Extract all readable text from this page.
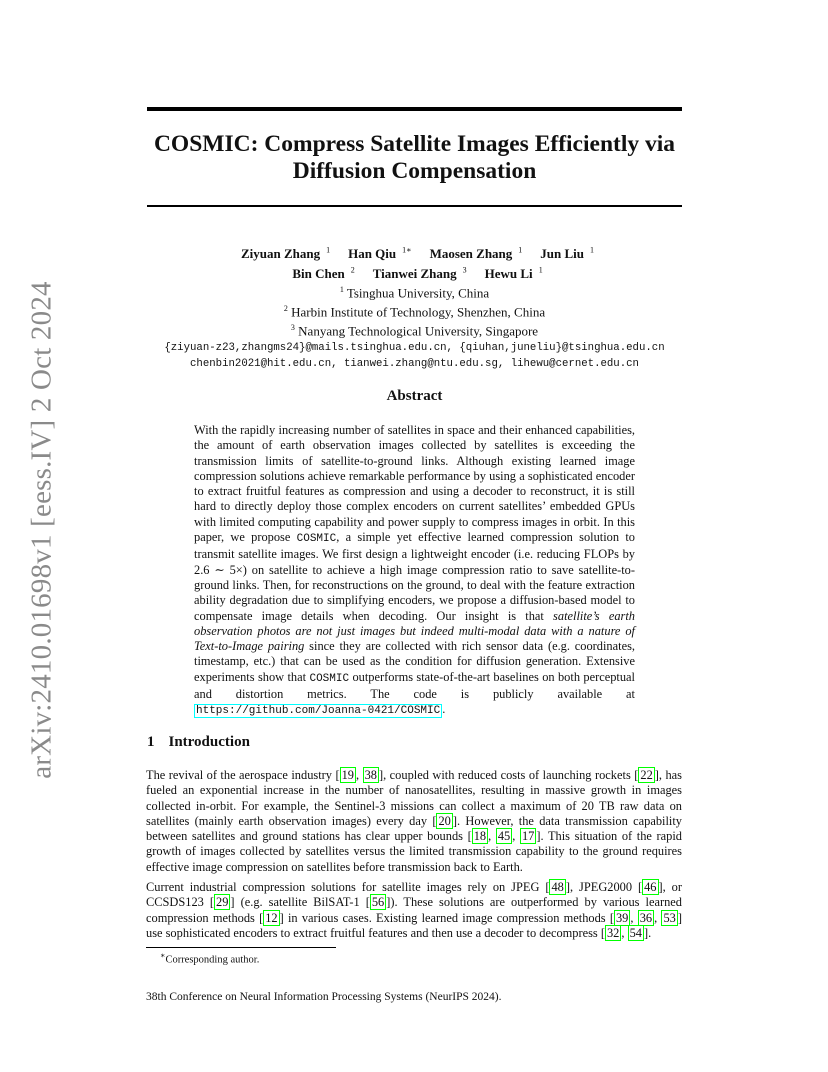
arXiv:2410.01698v1 [eess.IV] 2 Oct 2024
COSMIC: Compress Satellite Images Efficiently via
Diffusion Compensation
Ziyuan Zhang $^1$ Han Qiu $^{1∗}$ Maosen Zhang $^1$ Jun Liu $^1$
Bin Chen $^2$ Tianwei Zhang $^3$ Hewu Li $^1$
$^1$ Tsinghua University, China
$^2$ Harbin Institute of Technology, Shenzhen, China
$^3$ Nanyang Technological University, Singapore
{ziyuan-z23,zhangms24}@mails.tsinghua.edu.cn, {qiuhan,juneliu}@tsinghua.edu.cn
chenbin2021@hit.edu.cn, tianwei.zhang@ntu.edu.sg, lihewu@cernet.edu.cn
Abstract
With the rapidly increasing number of satellites in space and their enhanced capabilities, the amount of earth observation images collected by satellites is exceeding the transmission limits of satellite-to-ground links. Although existing learned image compression solutions achieve remarkable performance by using a sophisticated encoder to extract fruitful features as compression and using a decoder to reconstruct, it is still hard to directly deploy those complex encoders on current satellites’ embedded GPUs with limited computing capability and power supply to compress images in orbit. In this paper, we propose COSMIC, a simple yet effective learned compression solution to transmit satellite images. We first design a lightweight encoder (i.e. reducing FLOPs by 2.6 ∼ 5×) on satellite to achieve a high image compression ratio to save satellite-to-ground links. Then, for reconstructions on the ground, to deal with the feature extraction ability degradation due to simplifying encoders, we propose a diffusion-based model to compensate image details when decoding. Our insight is that satellite’s earth observation photos are not just images but indeed multi-modal data with a nature of Text-to-Image pairing since they are collected with rich sensor data (e.g. coordinates, timestamp, etc.) that can be used as the condition for diffusion generation. Extensive experiments show that COSMIC outperforms state-of-the-art baselines on both perceptual and distortion metrics. The code is publicly available at https://github.com/Joanna-0421/COSMIC .
1 Introduction
The revival of the aerospace industry [ 19 , 38 ], coupled with reduced costs of launching rockets [ 22 ], has fueled an exponential increase in the number of nanosatellites, resulting in massive growth in images collected in-orbit. For example, the Sentinel-3 missions can collect a maximum of 20 TB raw data on satellites (mainly earth observation images) every day [ 20 ]. However, the data transmission capability between satellites and ground stations has clear upper bounds [ 18 , 45 , 17 ]. This situation of the rapid growth of images collected by satellites versus the limited transmission capability to the ground requires effective image compression on satellites before transmission back to Earth.
Current industrial compression solutions for satellite images rely on JPEG [ 48 ], JPEG2000 [ 46 ], or CCSDS123 [ 29 ] (e.g. satellite BilSAT-1 [ 56 ]). These solutions are outperformed by various learned compression methods [ 12 ] in various cases. Existing learned image compression methods [ 39 , 36 , 53 ] use sophisticated encoders to extract fruitful features and then use a decoder to decompress [ 32 , 54 ].
∗Corresponding author.
38th Conference on Neural Information Processing Systems (NeurIPS 2024).
